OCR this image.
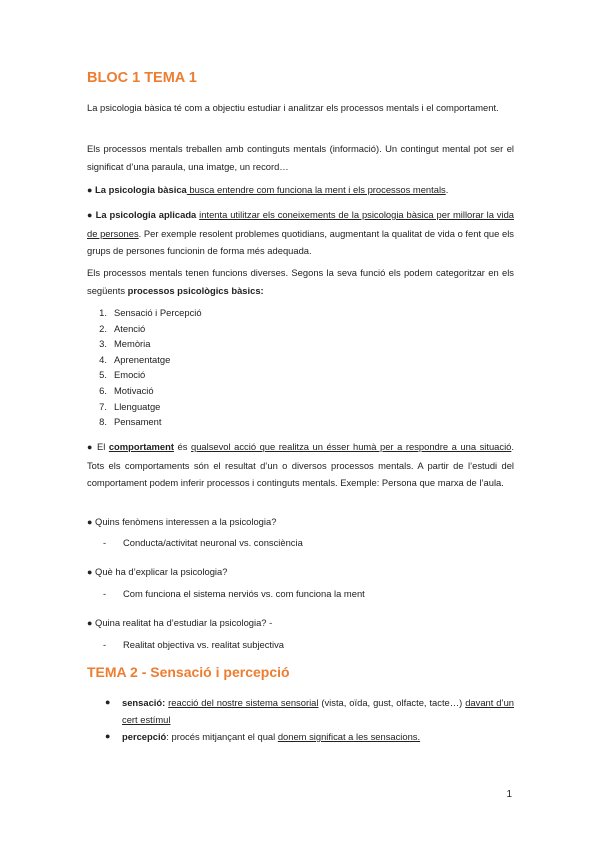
BLOC 1 TEMA 1

La psicologia bàsica té com a objectiu estudiar i analitzar els processos mentals i el comportament.

Els processos mentals treballen amb continguts mentals (informació). Un contingut mental pot ser el significat d’una paraula, una imatge, un record…

● La psicologia bàsica busca entendre com funciona la ment i els processos mentals.

● La psicologia aplicada intenta utilitzar els coneixements de la psicologia bàsica per millorar la vida de persones. Per exemple resolent problemes quotidians, augmentant la qualitat de vida o fent que els grups de persones funcionin de forma més adequada.

Els processos mentals tenen funcions diverses. Segons la seva funció els podem categoritzar en els següents processos psicològics bàsics:

1. Sensació i Percepció
2. Atenció
3. Memòria
4. Aprenentatge
5. Emoció
6. Motivació
7. Llenguatge
8. Pensament

● El comportament és qualsevol acció que realitza un ésser humà per a respondre a una situació. Tots els comportaments són el resultat d’un o diversos processos mentals. A partir de l’estudi del comportament podem inferir processos i continguts mentals. Exemple: Persona que marxa de l’aula.

● Quins fenòmens interessen a la psicologia?

- Conducta/activitat neuronal vs. consciència

● Què ha d’explicar la psicologia?

- Com funciona el sistema nerviós vs. com funciona la ment

● Quina realitat ha d’estudiar la psicologia? -

- Realitat objectiva vs. realitat subjectiva
TEMA 2 - Sensació i percepció
● sensació: reacció del nostre sistema sensorial (vista, oïda, gust, olfacte, tacte…) davant d’un cert estímul
● percepció: procés mitjançant el qual donem significat a les sensacions.
1
